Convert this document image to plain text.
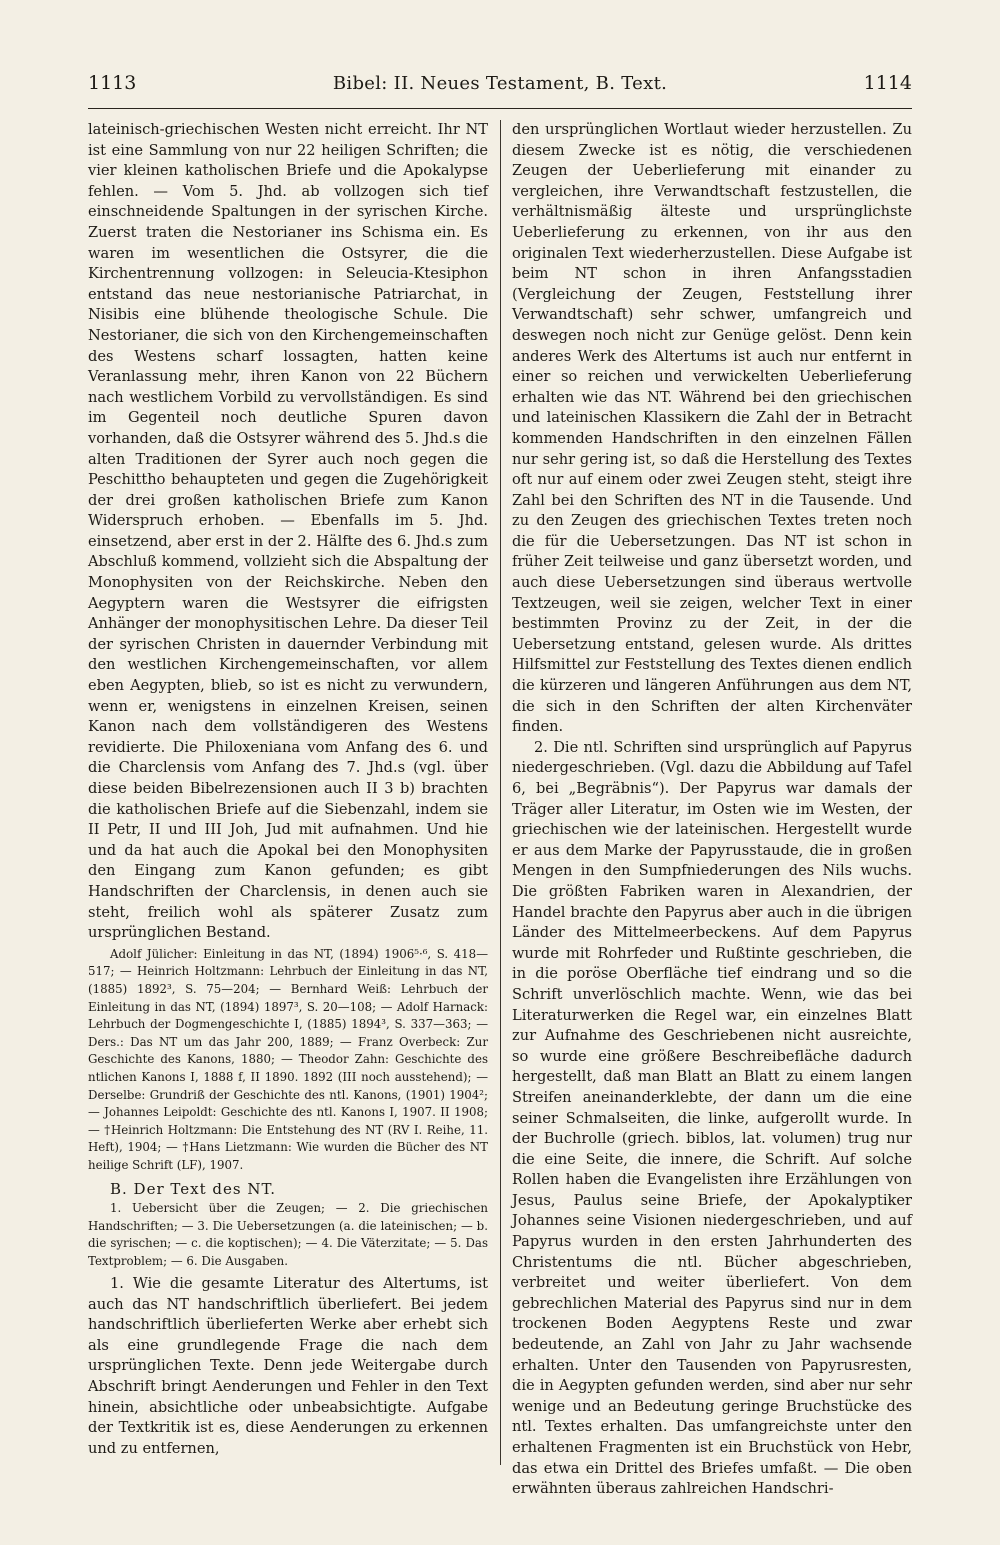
1113	Bibel: II. Neues Testament, B. Text.	1114

lateinisch-griechischen Westen nicht erreicht. Ihr NT ist eine Sammlung von nur 22 heiligen Schriften; die vier kleinen katholischen Briefe und die Apokalypse fehlen. — Vom 5. Jhd. ab vollzogen sich tief einschneidende Spaltungen in der syrischen Kirche. Zuerst traten die Nestorianer ins Schisma ein. Es waren im wesentlichen die Ostsyrer, die die Kirchentrennung vollzogen: in Seleucia-Ktesiphon entstand das neue nestorianische Patriarchat, in Nisibis eine blühende theologische Schule. Die Nestorianer, die sich von den Kirchengemeinschaften des Westens scharf lossagten, hatten keine Veranlassung mehr, ihren Kanon von 22 Büchern nach westlichem Vorbild zu vervollständigen. Es sind im Gegenteil noch deutliche Spuren davon vorhanden, daß die Ostsyrer während des 5. Jhd.s die alten Traditionen der Syrer auch noch gegen die Peschittho behaupteten und gegen die Zugehörigkeit der drei großen katholischen Briefe zum Kanon Widerspruch erhoben. — Ebenfalls im 5. Jhd. einsetzend, aber erst in der 2. Hälfte des 6. Jhd.s zum Abschluß kommend, vollzieht sich die Abspaltung der Monophysiten von der Reichskirche. Neben den Aegyptern waren die Westsyrer die eifrigsten Anhänger der monophysitischen Lehre. Da dieser Teil der syrischen Christen in dauernder Verbindung mit den westlichen Kirchengemeinschaften, vor allem eben Aegypten, blieb, so ist es nicht zu verwundern, wenn er, wenigstens in einzelnen Kreisen, seinen Kanon nach dem vollständigeren des Westens revidierte. Die Philoxeniana vom Anfang des 6. und die Charclensis vom Anfang des 7. Jhd.s (vgl. über diese beiden Bibelrezensionen auch II 3 b) brachten die katholischen Briefe auf die Siebenzahl, indem sie II Petr, II und III Joh, Jud mit aufnahmen. Und hie und da hat auch die Apokal bei den Monophysiten den Eingang zum Kanon gefunden; es gibt Handschriften der Charclensis, in denen auch sie steht, freilich wohl als späterer Zusatz zum ursprünglichen Bestand.

Adolf Jülicher: Einleitung in das NT, (1894) 1906⁵·⁶, S. 418—517; — Heinrich Holtzmann: Lehrbuch der Einleitung in das NT, (1885) 1892³, S. 75—204; — Bernhard Weiß: Lehrbuch der Einleitung in das NT, (1894) 1897³, S. 20—108; — Adolf Harnack: Lehrbuch der Dogmengeschichte I, (1885) 1894³, S. 337—363; — Ders.: Das NT um das Jahr 200, 1889; — Franz Overbeck: Zur Geschichte des Kanons, 1880; — Theodor Zahn: Geschichte des ntlichen Kanons I, 1888 f, II 1890. 1892 (III noch ausstehend); — Derselbe: Grundriß der Geschichte des ntl. Kanons, (1901) 1904²; — Johannes Leipoldt: Geschichte des ntl. Kanons I, 1907. II 1908; — †Heinrich Holtzmann: Die Entstehung des NT (RV I. Reihe, 11. Heft), 1904; — †Hans Lietzmann: Wie wurden die Bücher des NT heilige Schrift (LF), 1907.

B. Der Text des NT.

1. Uebersicht über die Zeugen; — 2. Die griechischen Handschriften; — 3. Die Uebersetzungen (a. die lateinischen; — b. die syrischen; — c. die koptischen); — 4. Die Väterzitate; — 5. Das Textproblem; — 6. Die Ausgaben.

1. Wie die gesamte Literatur des Altertums, ist auch das NT handschriftlich überliefert. Bei jedem handschriftlich überlieferten Werke aber erhebt sich als eine grundlegende Frage die nach dem ursprünglichen Texte. Denn jede Weitergabe durch Abschrift bringt Aenderungen und Fehler in den Text hinein, absichtliche oder unbeabsichtigte. Aufgabe der Textkritik ist es, diese Aenderungen zu erkennen und zu entfernen,

den ursprünglichen Wortlaut wieder herzustellen. Zu diesem Zwecke ist es nötig, die verschiedenen Zeugen der Ueberlieferung mit einander zu vergleichen, ihre Verwandtschaft festzustellen, die verhältnismäßig älteste und ursprünglichste Ueberlieferung zu erkennen, von ihr aus den originalen Text wiederherzustellen. Diese Aufgabe ist beim NT schon in ihren Anfangsstadien (Vergleichung der Zeugen, Feststellung ihrer Verwandtschaft) sehr schwer, umfangreich und deswegen noch nicht zur Genüge gelöst. Denn kein anderes Werk des Altertums ist auch nur entfernt in einer so reichen und verwickelten Ueberlieferung erhalten wie das NT. Während bei den griechischen und lateinischen Klassikern die Zahl der in Betracht kommenden Handschriften in den einzelnen Fällen nur sehr gering ist, so daß die Herstellung des Textes oft nur auf einem oder zwei Zeugen steht, steigt ihre Zahl bei den Schriften des NT in die Tausende. Und zu den Zeugen des griechischen Textes treten noch die für die Uebersetzungen. Das NT ist schon in früher Zeit teilweise und ganz übersetzt worden, und auch diese Uebersetzungen sind überaus wertvolle Textzeugen, weil sie zeigen, welcher Text in einer bestimmten Provinz zu der Zeit, in der die Uebersetzung entstand, gelesen wurde. Als drittes Hilfsmittel zur Feststellung des Textes dienen endlich die kürzeren und längeren Anführungen aus dem NT, die sich in den Schriften der alten Kirchenväter finden.

2. Die ntl. Schriften sind ursprünglich auf Papyrus niedergeschrieben. (Vgl. dazu die Abbildung auf Tafel 6, bei „Begräbnis“). Der Papyrus war damals der Träger aller Literatur, im Osten wie im Westen, der griechischen wie der lateinischen. Hergestellt wurde er aus dem Marke der Papyrusstaude, die in großen Mengen in den Sumpfniederungen des Nils wuchs. Die größten Fabriken waren in Alexandrien, der Handel brachte den Papyrus aber auch in die übrigen Länder des Mittelmeerbeckens. Auf dem Papyrus wurde mit Rohrfeder und Rußtinte geschrieben, die in die poröse Oberfläche tief eindrang und so die Schrift unverlöschlich machte. Wenn, wie das bei Literaturwerken die Regel war, ein einzelnes Blatt zur Aufnahme des Geschriebenen nicht ausreichte, so wurde eine größere Beschreibefläche dadurch hergestellt, daß man Blatt an Blatt zu einem langen Streifen aneinanderklebte, der dann um die eine seiner Schmalseiten, die linke, aufgerollt wurde. In der Buchrolle (griech. biblos, lat. volumen) trug nur die eine Seite, die innere, die Schrift. Auf solche Rollen haben die Evangelisten ihre Erzählungen von Jesus, Paulus seine Briefe, der Apokalyptiker Johannes seine Visionen niedergeschrieben, und auf Papyrus wurden in den ersten Jahrhunderten des Christentums die ntl. Bücher abgeschrieben, verbreitet und weiter überliefert. Von dem gebrechlichen Material des Papyrus sind nur in dem trockenen Boden Aegyptens Reste und zwar bedeutende, an Zahl von Jahr zu Jahr wachsende erhalten. Unter den Tausenden von Papyrusresten, die in Aegypten gefunden werden, sind aber nur sehr wenige und an Bedeutung geringe Bruchstücke des ntl. Textes erhalten. Das umfangreichste unter den erhaltenen Fragmenten ist ein Bruchstück von Hebr, das etwa ein Drittel des Briefes umfaßt. — Die oben erwähnten überaus zahlreichen Handschri-
